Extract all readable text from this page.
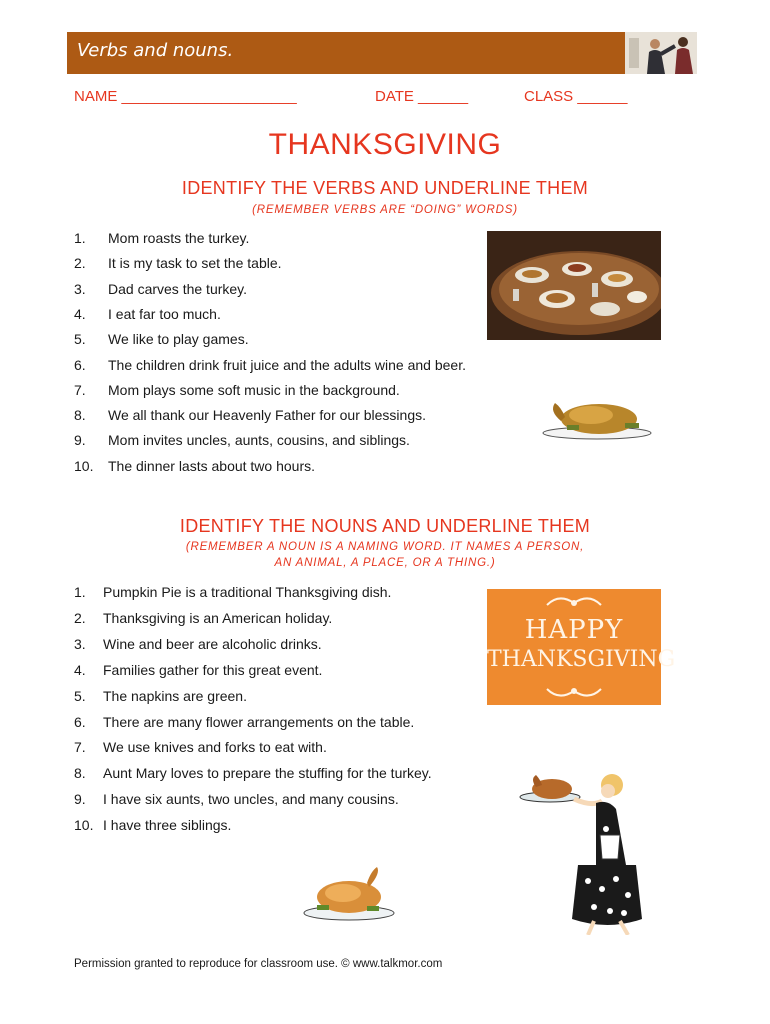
Verbs and nouns.
NAME _____________________	DATE ______	CLASS ______
THANKSGIVING
IDENTIFY THE VERBS AND UNDERLINE THEM
(REMEMBER VERBS ARE “DOING” WORDS)
1. Mom roasts the turkey.
2. It is my task to set the table.
3. Dad carves the turkey.
4. I eat far too much.
5. We like to play games.
6. The children drink fruit juice and the adults wine and beer.
7. Mom plays some soft music in the background.
8. We all thank our Heavenly Father for our blessings.
9. Mom invites uncles, aunts, cousins, and siblings.
10. The dinner lasts about two hours.
IDENTIFY THE NOUNS AND UNDERLINE THEM
(REMEMBER A NOUN IS A NAMING WORD. IT NAMES A PERSON,
AN ANIMAL, A PLACE, OR A THING.)
1. Pumpkin Pie is a traditional Thanksgiving dish.
2. Thanksgiving is an American holiday.
3. Wine and beer are alcoholic drinks.
4. Families gather for this great event.
5. The napkins are green.
6. There are many flower arrangements on the table.
7. We use knives and forks to eat with.
8. Aunt Mary loves to prepare the stuffing for the turkey.
9. I have six aunts, two uncles, and many cousins.
10. I have three siblings.
HAPPY
THANKSGIVING
Permission granted to reproduce for classroom use. © www.talkmor.com
